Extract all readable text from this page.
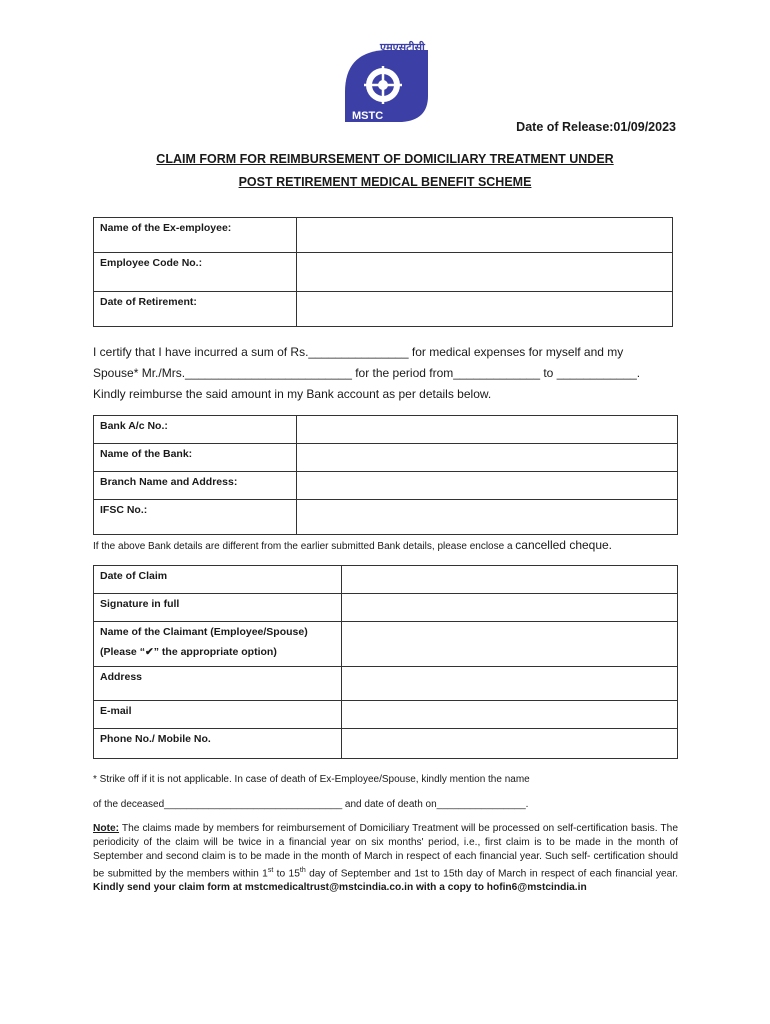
एमएसटीसी
MSTC
Date of Release:01/09/2023
CLAIM FORM FOR REIMBURSEMENT OF DOMICILIARY TREATMENT UNDER
POST RETIREMENT MEDICAL BENEFIT SCHEME
Name of the Ex-employee:	
Employee Code No.:	
Date of Retirement:	
I certify that I have incurred a sum of Rs._______________ for medical expenses for myself and my
Spouse* Mr./Mrs._________________________ for the period from_____________ to ____________.
Kindly reimburse the said amount in my Bank account as per details below.
Bank A/c No.:	
Name of the Bank:	
Branch Name and Address:	
IFSC No.:	
If the above Bank details are different from the earlier submitted Bank details, please enclose a cancelled cheque.
Date of Claim	
Signature in full	
Name of the Claimant (Employee/Spouse)
(Please “✔” the appropriate option)	

Address	
E-mail	
Phone No./ Mobile No.	
* Strike off if it is not applicable. In case of death of Ex-Employee/Spouse, kindly mention the name
of the deceased________________________________ and date of death on________________.
Note: The claims made by members for reimbursement of Domiciliary Treatment will be processed on self-certification basis. The periodicity of the claim will be twice in a financial year on six months' period, i.e., first claim is to be made in the month of September and second claim is to be made in the month of March in respect of each financial year. Such self- certification should be submitted by the members within 1st to 15th day of September and 1st to 15th day of March in respect of each financial year. Kindly send your claim form at mstcmedicaltrust@mstcindia.co.in with a copy to hofin6@mstcindia.in
